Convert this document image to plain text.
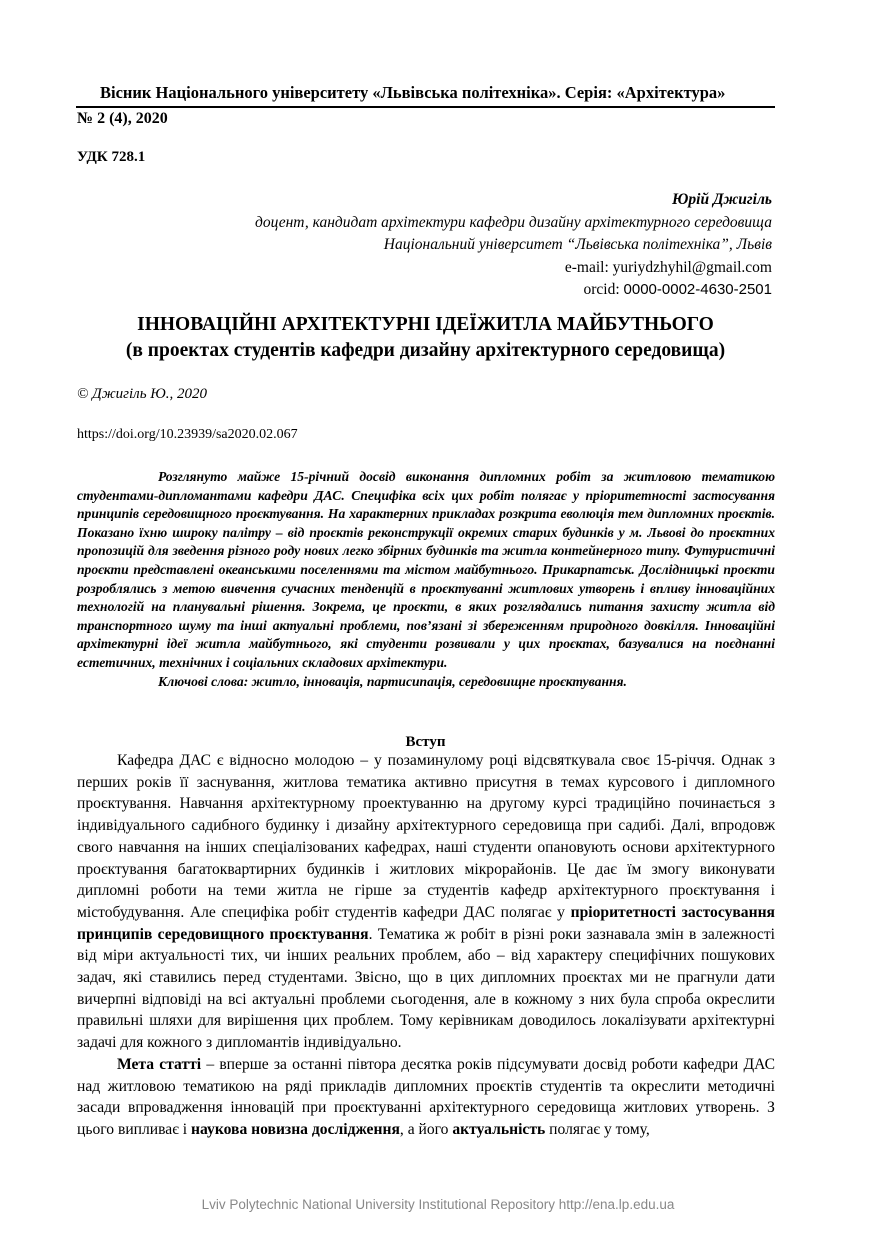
Вісник Національного університету «Львівська політехніка». Серія: «Архітектура»
№ 2 (4), 2020
УДК 728.1
Юрій Джигіль
доцент, кандидат архітектури кафедри дизайну архітектурного середовища
Національний університет “Львівська політехніка”, Львів
e-mail: yuriydzhyhil@gmail.com
orcid: 0000-0002-4630-2501
ІННОВАЦІЙНІ АРХІТЕКТУРНІ ІДЕЇЖИТЛА МАЙБУТНЬОГО
(в проектах студентів кафедри дизайну архітектурного середовища)
© Джигіль Ю., 2020
https://doi.org/10.23939/sa2020.02.067

Розглянуто майже 15-річний досвід виконання дипломних робіт за житловою тематикою студентами-дипломантами кафедри ДАС. Специфіка всіх цих робіт полягає у пріоритетності застосування принципів середовищного проєктування. На характерних прикладах розкрита еволюція тем дипломних проєктів. Показано їхню широку палітру – від проєктів реконструкції окремих старих будинків у м. Львові до проєктних пропозицій для зведення різного роду нових легко збірних будинків та житла контейнерного типу. Футуристичні проєкти представлені океанськими поселеннями та містом майбутнього. Прикарпатськ. Дослідницькі проєкти розроблялись з метою вивчення сучасних тенденцій в проєктуванні житлових утворень і впливу інноваційних технологій на планувальні рішення. Зокрема, це проєкти, в яких розглядались питання захисту житла від транспортного шуму та інші актуальні проблеми, пов’язані зі збереженням природного довкілля. Інноваційні архітектурні ідеї житла майбутнього, які студенти розвивали у цих проєктах, базувалися на поєднанні естетичних, технічних і соціальних складових архітектури.

Ключові слова: житло, інновація, партисипація, середовищне проєктування.

Вступ

Кафедра ДАС є відносно молодою – у позаминулому році відсвяткувала своє 15-річчя. Однак з перших років її заснування, житлова тематика активно присутня в темах курсового і дипломного проєктування. Навчання архітектурному проектуванню на другому курсі традиційно починається з індивідуального садибного будинку і дизайну архітектурного середовища при садибі. Далі, впродовж свого навчання на інших спеціалізованих кафедрах, наші студенти опановують основи архітектурного проєктування багатоквартирних будинків і житлових мікрорайонів. Це дає їм змогу виконувати дипломні роботи на теми житла не гірше за студентів кафедр архітектурного проєктування і містобудування. Але специфіка робіт студентів кафедри ДАС полягає у пріоритетності застосування принципів середовищного проєктування. Тематика ж робіт в різні роки зазнавала змін в залежності від міри актуальності тих, чи інших реальних проблем, або – від характеру специфічних пошукових задач, які ставились перед студентами. Звісно, що в цих дипломних проєктах ми не прагнули дати вичерпні відповіді на всі актуальні проблеми сьогодення, але в кожному з них була спроба окреслити правильні шляхи для вирішення цих проблем. Тому керівникам доводилось локалізувати архітектурні задачі для кожного з дипломантів індивідуально.

Мета статті – вперше за останні півтора десятка років підсумувати досвід роботи кафедри ДАС над житловою тематикою на ряді прикладів дипломних проєктів студентів та окреслити методичні засади впровадження інновацій при проєктуванні архітектурного середовища житлових утворень. З цього випливає і наукова новизна дослідження, а його актуальність полягає у тому,

Lviv Polytechnic National University Institutional Repository http://ena.lp.edu.ua
